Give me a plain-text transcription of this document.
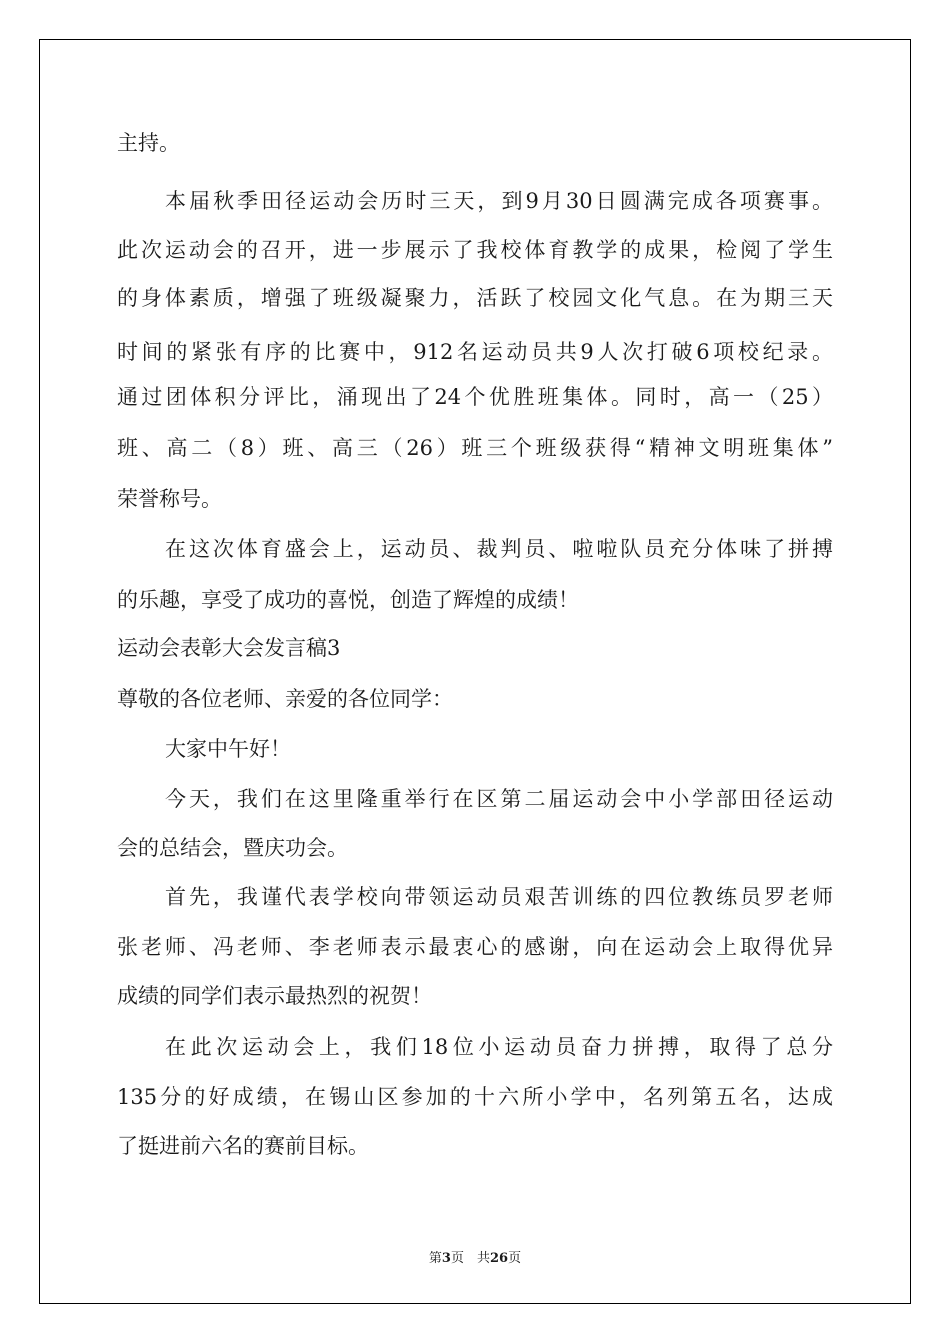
主持。
本届秋季田径运动会历时三天，到9月30日圆满完成各项赛事。
此次运动会的召开，进一步展示了我校体育教学的成果，检阅了学生
的身体素质，增强了班级凝聚力，活跃了校园文化气息。在为期三天
时间的紧张有序的比赛中，912名运动员共9人次打破6项校纪录。
通过团体积分评比，涌现出了24个优胜班集体。同时，高一（25）
班、高二（8）班、高三（26）班三个班级获得“精神文明班集体”
荣誉称号。
在这次体育盛会上，运动员、裁判员、啦啦队员充分体味了拼搏
的乐趣，享受了成功的喜悦，创造了辉煌的成绩！
运动会表彰大会发言稿3
尊敬的各位老师、亲爱的各位同学：
大家中午好！
今天，我们在这里隆重举行在区第二届运动会中小学部田径运动
会的总结会，暨庆功会。
首先，我谨代表学校向带领运动员艰苦训练的四位教练员罗老师
张老师、冯老师、李老师表示最衷心的感谢，向在运动会上取得优异
成绩的同学们表示最热烈的祝贺！
在此次运动会上，我们18位小运动员奋力拼搏，取得了总分
135分的好成绩，在锡山区参加的十六所小学中，名列第五名，达成
了挺进前六名的赛前目标。
第3页　共26页
